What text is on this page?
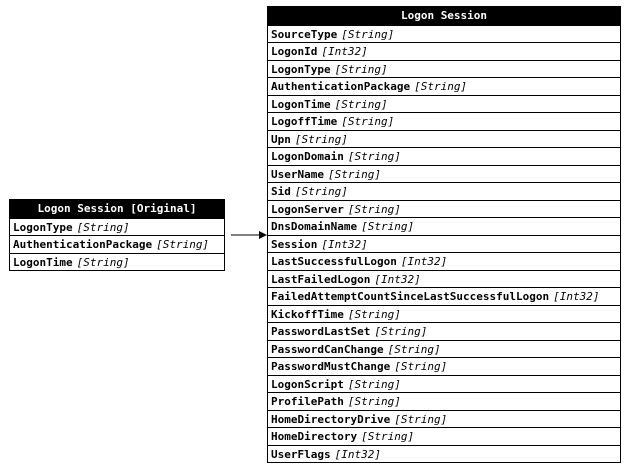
Logon Session [Original]
LogonType [String]
AuthenticationPackage [String]
LogonTime [String]
Logon Session
SourceType [String]
LogonId [Int32]
LogonType [String]
AuthenticationPackage [String]
LogonTime [String]
LogoffTime [String]
Upn [String]
LogonDomain [String]
UserName [String]
Sid [String]
LogonServer [String]
DnsDomainName [String]
Session [Int32]
LastSuccessfulLogon [Int32]
LastFailedLogon [Int32]
FailedAttemptCountSinceLastSuccessfulLogon [Int32]
KickoffTime [String]
PasswordLastSet [String]
PasswordCanChange [String]
PasswordMustChange [String]
LogonScript [String]
ProfilePath [String]
HomeDirectoryDrive [String]
HomeDirectory [String]
UserFlags [Int32]
